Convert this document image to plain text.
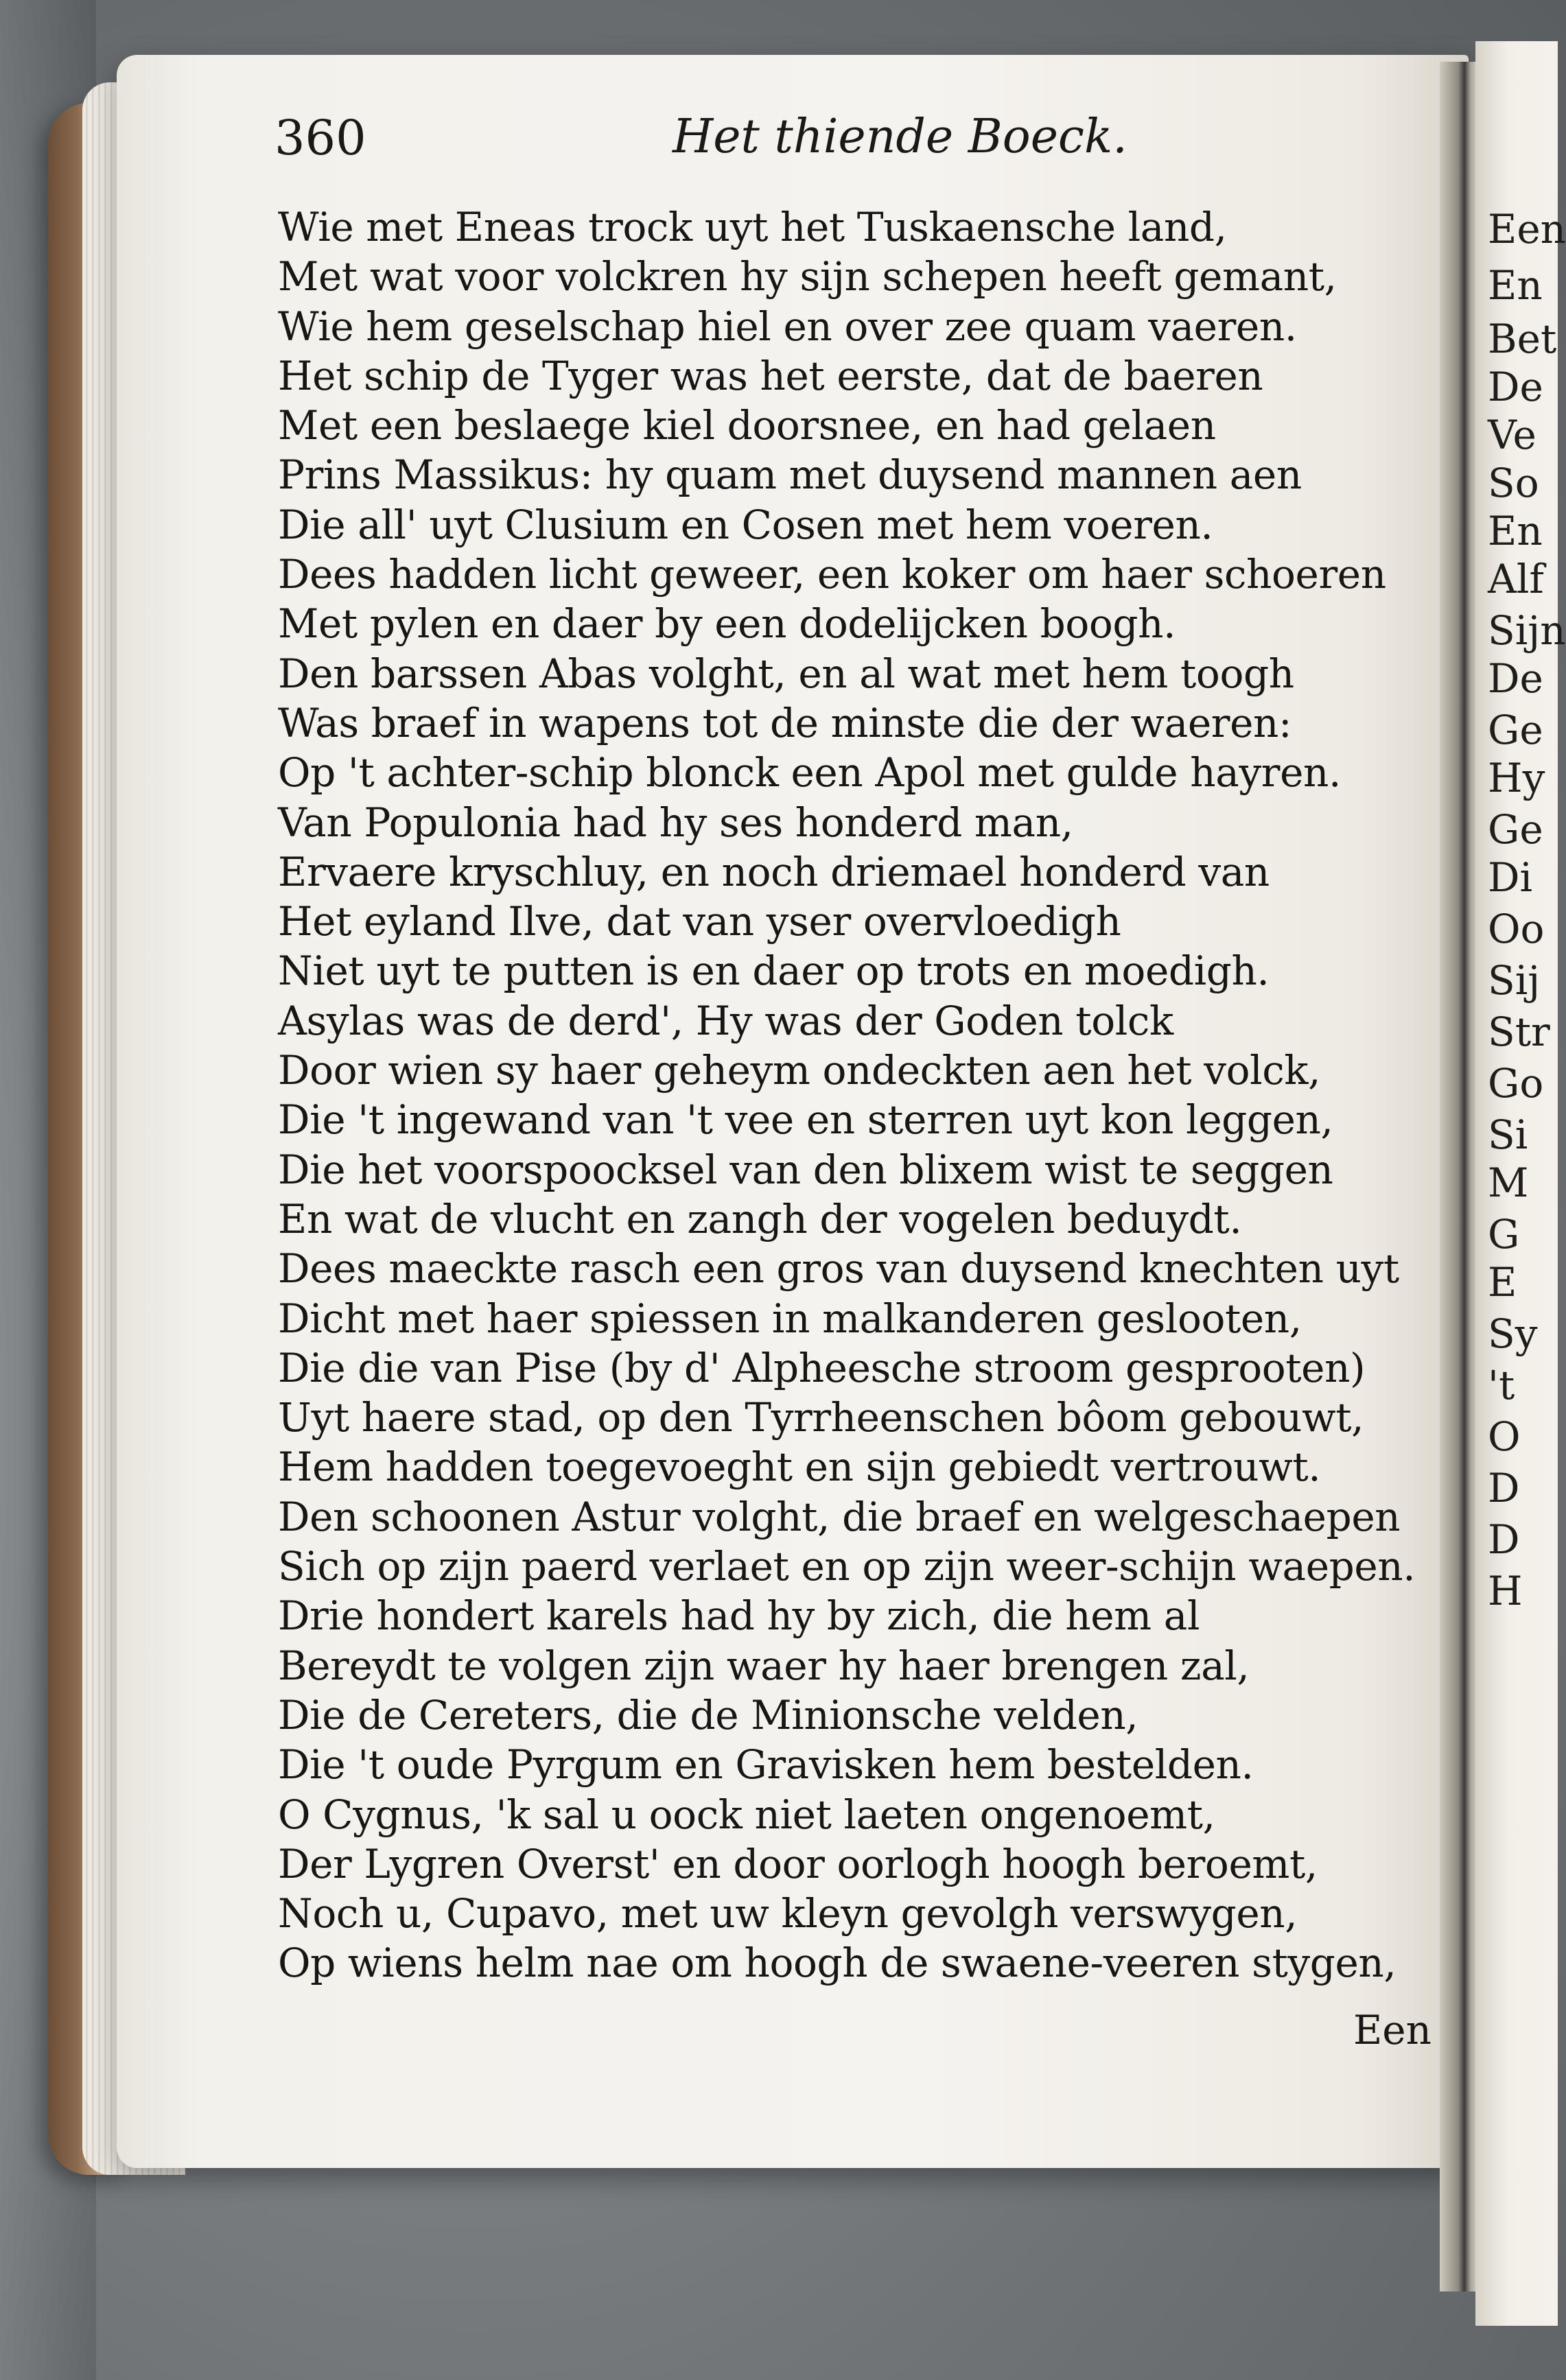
360	Het thiende Boeck.
Wie met Eneas trock uyt het Tuskaensche land,
Met wat voor volckren hy sijn schepen heeft gemant,
Wie hem geselschap hiel en over zee quam vaeren.
Het schip de Tyger was het eerste, dat de baeren
Met een beslaege kiel doorsnee, en had gelaen
Prins Massikus: hy quam met duysend mannen aen
Die all' uyt Clusium en Cosen met hem voeren.
Dees hadden licht geweer, een koker om haer schoeren
Met pylen en daer by een dodelijcken boogh.
Den barssen Abas volght, en al wat met hem toogh
Was braef in wapens tot de minste die der waeren:
Op 't achter-schip blonck een Apol met gulde hayren.
Van Populonia had hy ses honderd man,
Ervaere kryschluy, en noch driemael honderd van
Het eyland Ilve, dat van yser overvloedigh
Niet uyt te putten is en daer op trots en moedigh.
Asylas was de derd', Hy was der Goden tolck
Door wien sy haer geheym ondeckten aen het volck,
Die 't ingewand van 't vee en sterren uyt kon leggen,
Die het voorspoocksel van den blixem wist te seggen
En wat de vlucht en zangh der vogelen beduydt.
Dees maeckte rasch een gros van duysend knechten uyt
Dicht met haer spiessen in malkanderen geslooten,
Die die van Pise (by d' Alpheesche stroom gesprooten)
Uyt haere stad, op den Tyrrheenschen bôom gebouwt,
Hem hadden toegevoeght en sijn gebiedt vertrouwt.
Den schoonen Astur volght, die braef en welgeschaepen
Sich op zijn paerd verlaet en op zijn weer-schijn waepen.
Drie hondert karels had hy by zich, die hem al
Bereydt te volgen zijn waer hy haer brengen zal,
Die de Cereters, die de Minionsche velden,
Die 't oude Pyrgum en Gravisken hem bestelden.
O Cygnus, 'k sal u oock niet laeten ongenoemt,
Der Lygren Overst' en door oorlogh hoogh beroemt,
Noch u, Cupavo, met uw kleyn gevolgh verswygen,
Op wiens helm nae om hoogh de swaene-veeren stygen,
Een
Een
En
Bet
De
Ve
So
En
Alf
Sijn
De
Ge
Hy
Ge
Di
Oo
Sij
Str
Go
Si
M
G
E
Sy
't
O
D
D
H
